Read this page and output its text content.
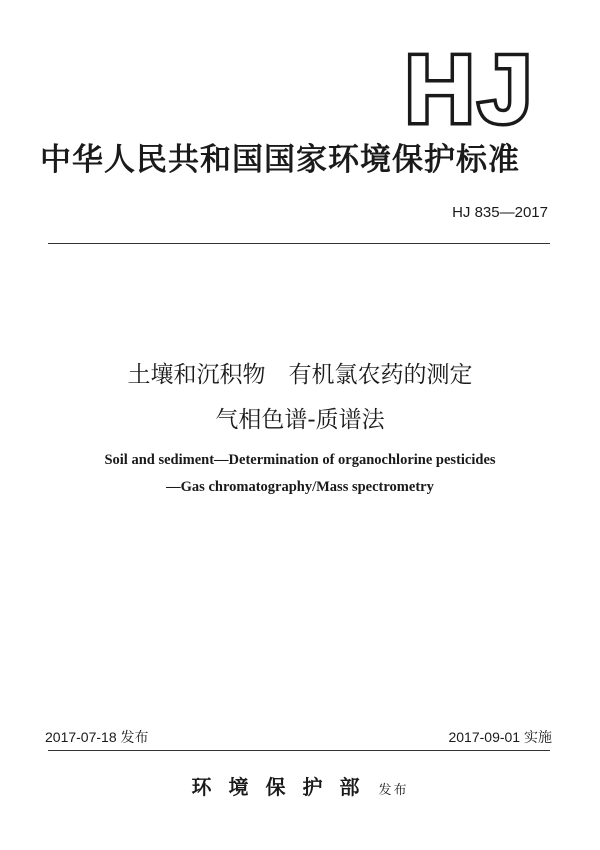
HJ
中华人民共和国国家环境保护标准
HJ 835—2017
土壤和沉积物　有机氯农药的测定
气相色谱-质谱法
Soil and sediment—Determination of organochlorine pesticides
—Gas chromatography/Mass spectrometry
2017-07-18 发布	2017-09-01 实施
环境保护部 发布
